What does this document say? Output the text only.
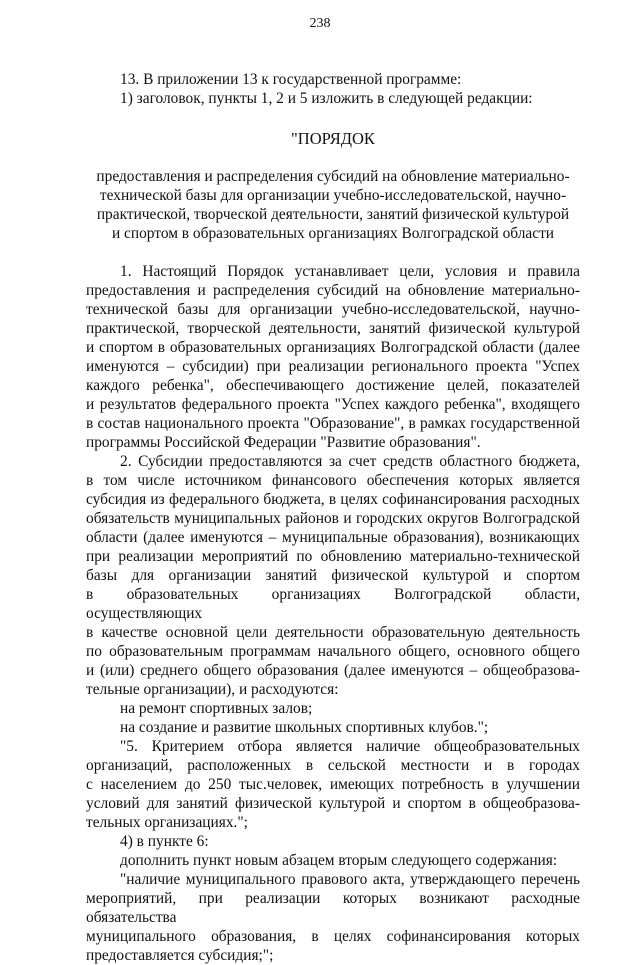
238

13. В приложении 13 к государственной программе:

1) заголовок, пункты 1, 2 и 5 изложить в следующей редакции:

"ПОРЯДОК
предоставления и распределения субсидий на обновление материально-
технической базы для организации учебно-исследовательской, научно-
практической, творческой деятельности, занятий физической культурой
и спортом в образовательных организациях Волгоградской области

1. Настоящий Порядок устанавливает цели, условия и правила
предоставления и распределения субсидий на обновление материально-
технической базы для организации учебно-исследовательской, научно-
практической, творческой деятельности, занятий физической культурой
и спортом в образовательных организациях Волгоградской области (далее
именуются – субсидии) при реализации регионального проекта "Успех
каждого ребенка", обеспечивающего достижение целей, показателей
и результатов федерального проекта "Успех каждого ребенка", входящего
в состав национального проекта "Образование", в рамках государственной
программы Российской Федерации "Развитие образования".

2. Субсидии предоставляются за счет средств областного бюджета,
в том числе источником финансового обеспечения которых является
субсидия из федерального бюджета, в целях софинансирования расходных
обязательств муниципальных районов и городских округов Волгоградской
области (далее именуются – муниципальные образования), возникающих
при реализации мероприятий по обновлению материально-технической
базы для организации занятий физической культурой и спортом
в образовательных организациях Волгоградской области, осуществляющих
в качестве основной цели деятельности образовательную деятельность
по образовательным программам начального общего, основного общего
и (или) среднего общего образования (далее именуются – общеобразова-
тельные организации), и расходуются:

на ремонт спортивных залов;

на создание и развитие школьных спортивных клубов.";

"5. Критерием отбора является наличие общеобразовательных
организаций, расположенных в сельской местности и в городах
с населением до 250 тыс.человек, имеющих потребность в улучшении
условий для занятий физической культурой и спортом в общеобразова-
тельных организациях.";

4) в пункте 6:

дополнить пункт новым абзацем вторым следующего содержания:

"наличие муниципального правового акта, утверждающего перечень
мероприятий, при реализации которых возникают расходные обязательства
муниципального образования, в целях софинансирования которых
предоставляется субсидия;";
